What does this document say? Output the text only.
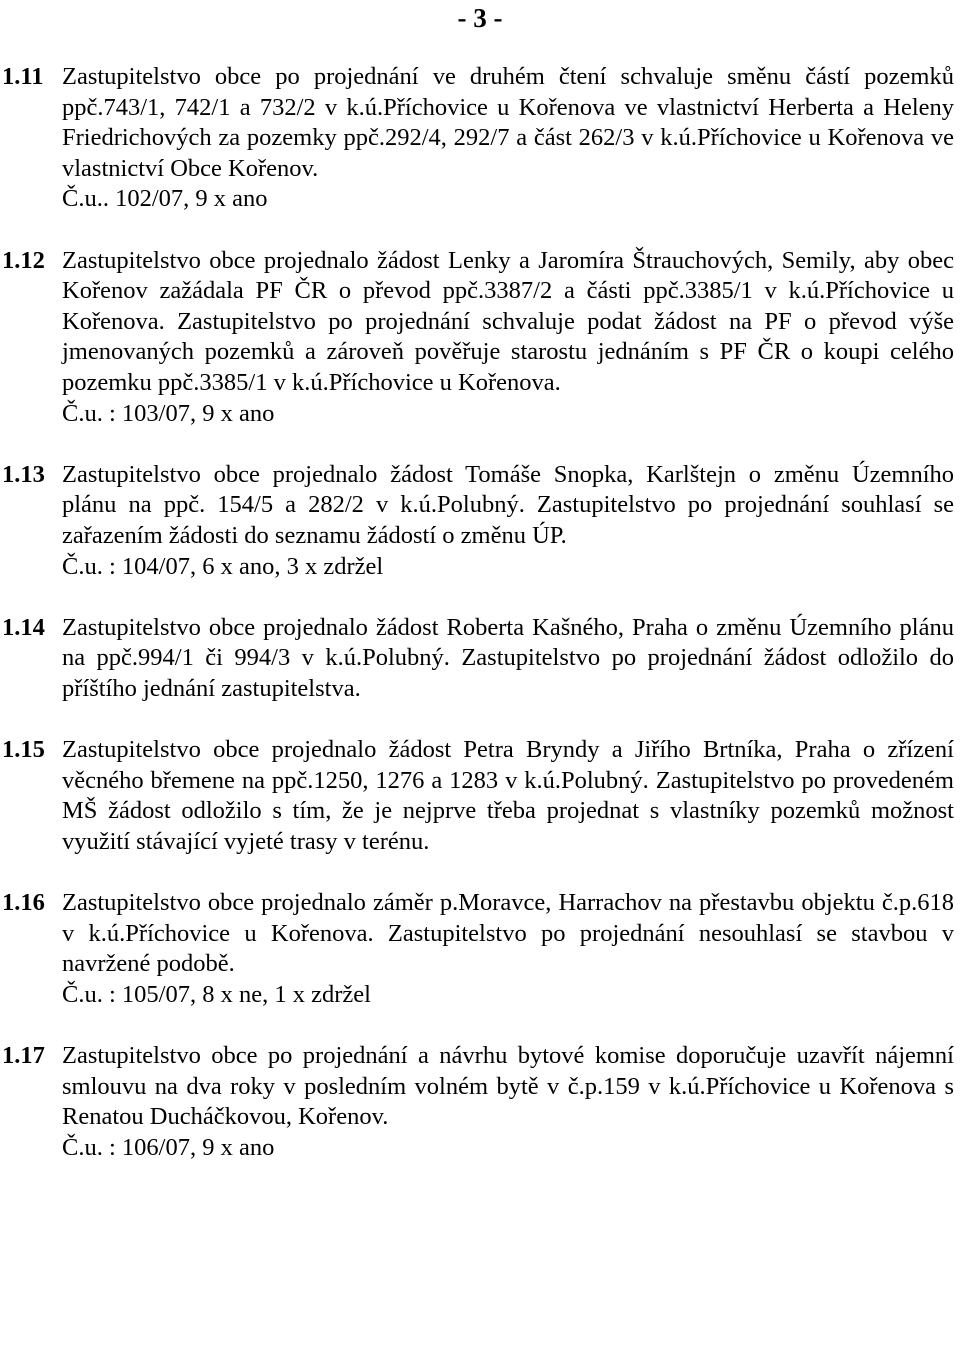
- 3 -
1.11 Zastupitelstvo obce po projednání ve druhém čtení schvaluje směnu částí pozemků ppč.743/1, 742/1 a 732/2 v k.ú.Příchovice u Kořenova ve vlastnictví Herberta a Heleny Friedrichových za pozemky ppč.292/4, 292/7 a část 262/3 v k.ú.Příchovice u Kořenova ve vlastnictví Obce Kořenov.
Č.u.. 102/07, 9 x ano
1.12 Zastupitelstvo obce projednalo žádost Lenky a Jaromíra Štrauchových, Semily, aby obec Kořenov zažádala PF ČR o převod ppč.3387/2 a části ppč.3385/1 v k.ú.Příchovice u Kořenova. Zastupitelstvo po projednání schvaluje podat žádost na PF o převod výše jmenovaných pozemků a zároveň pověřuje starostu jednáním s PF ČR o koupi celého pozemku ppč.3385/1 v k.ú.Příchovice u Kořenova.
Č.u. : 103/07, 9 x ano
1.13 Zastupitelstvo obce projednalo žádost Tomáše Snopka, Karlštejn o změnu Územního plánu na ppč. 154/5 a 282/2 v k.ú.Polubný. Zastupitelstvo po projednání souhlasí se zařazením žádosti do seznamu žádostí o změnu ÚP.
Č.u. : 104/07, 6 x ano, 3 x zdržel
1.14 Zastupitelstvo obce projednalo žádost Roberta Kašného, Praha o změnu Územního plánu na ppč.994/1 či 994/3 v k.ú.Polubný. Zastupitelstvo po projednání žádost odložilo do příštího jednání zastupitelstva.
1.15 Zastupitelstvo obce projednalo žádost Petra Bryndy a Jiřího Brtníka, Praha o zřízení věcného břemene na ppč.1250, 1276 a 1283 v k.ú.Polubný. Zastupitelstvo po provedeném MŠ žádost odložilo s tím, že je nejprve třeba projednat s vlastníky pozemků možnost využití stávající vyjeté trasy v terénu.
1.16 Zastupitelstvo obce projednalo záměr p.Moravce, Harrachov na přestavbu objektu č.p.618 v k.ú.Příchovice u Kořenova. Zastupitelstvo po projednání nesouhlasí se stavbou v navržené podobě.
Č.u. : 105/07, 8 x ne, 1 x zdržel
1.17 Zastupitelstvo obce po projednání a návrhu bytové komise doporučuje uzavřít nájemní smlouvu na dva roky v posledním volném bytě v č.p.159 v k.ú.Příchovice u Kořenova s Renatou Ducháčkovou, Kořenov.
Č.u. : 106/07, 9 x ano
